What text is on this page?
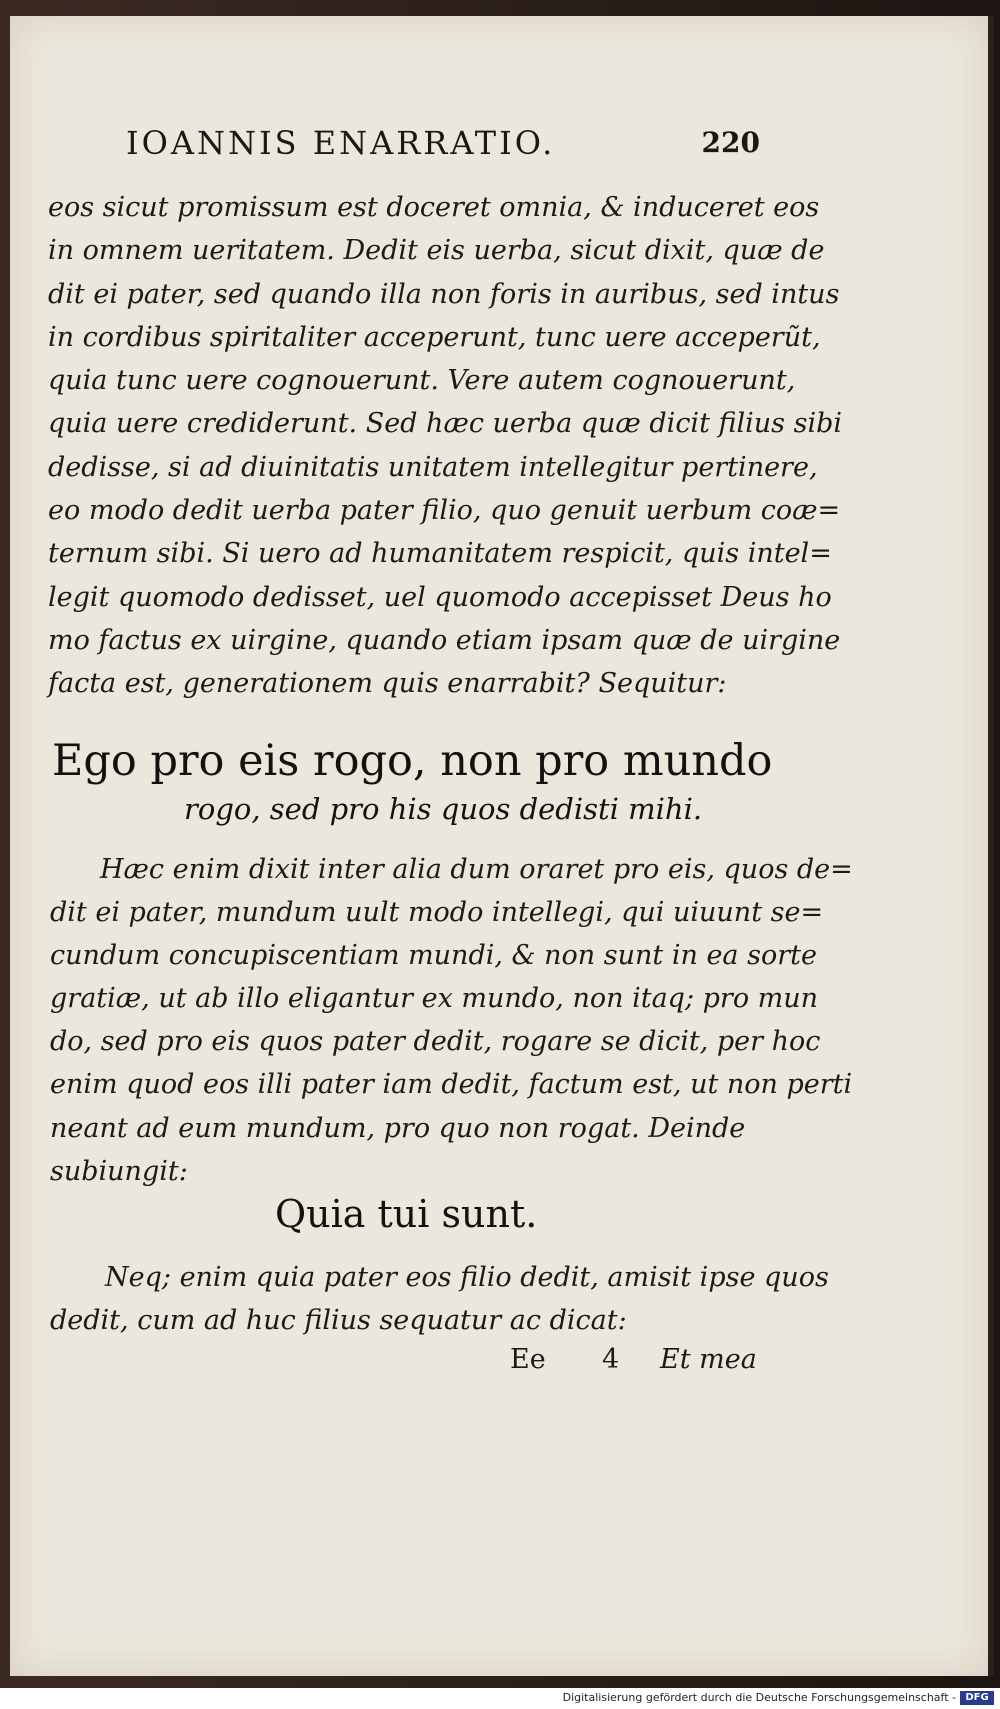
IOANNIS ENARRATIO.	220
eos sicut promissum est doceret omnia, & induceret eos
in omnem ueritatem. Dedit eis uerba, sicut dixit, quæ de
dit ei pater, sed quando illa non foris in auribus, sed intus
in cordibus spiritaliter acceperunt, tunc uere acceperũt,
quia tunc uere cognouerunt. Vere autem cognouerunt,
quia uere crediderunt. Sed hæc uerba quæ dicit filius sibi
dedisse, si ad diuinitatis unitatem intellegitur pertinere,
eo modo dedit uerba pater filio, quo genuit uerbum coæ=
ternum sibi. Si uero ad humanitatem respicit, quis intel=
legit quomodo dedisset, uel quomodo accepisset Deus ho
mo factus ex uirgine, quando etiam ipsam quæ de uirgine
facta est, generationem quis enarrabit? Sequitur:
Ego pro eis rogo, non pro mundo
rogo, sed pro his quos dedisti mihi.
Hæc enim dixit inter alia dum oraret pro eis, quos de=
dit ei pater, mundum uult modo intellegi, qui uiuunt se=
cundum concupiscentiam mundi, & non sunt in ea sorte
gratiæ, ut ab illo eligantur ex mundo, non itaq; pro mun
do, sed pro eis quos pater dedit, rogare se dicit, per hoc
enim quod eos illi pater iam dedit, factum est, ut non perti
neant ad eum mundum, pro quo non rogat. Deinde
subiungit:
Quia tui sunt.
Neq; enim quia pater eos filio dedit, amisit ipse quos
dedit, cum ad huc filius sequatur ac dicat:
Ee 4 Et mea
Digitalisierung gefördert durch die Deutsche Forschungsgemeinschaft - DFG
